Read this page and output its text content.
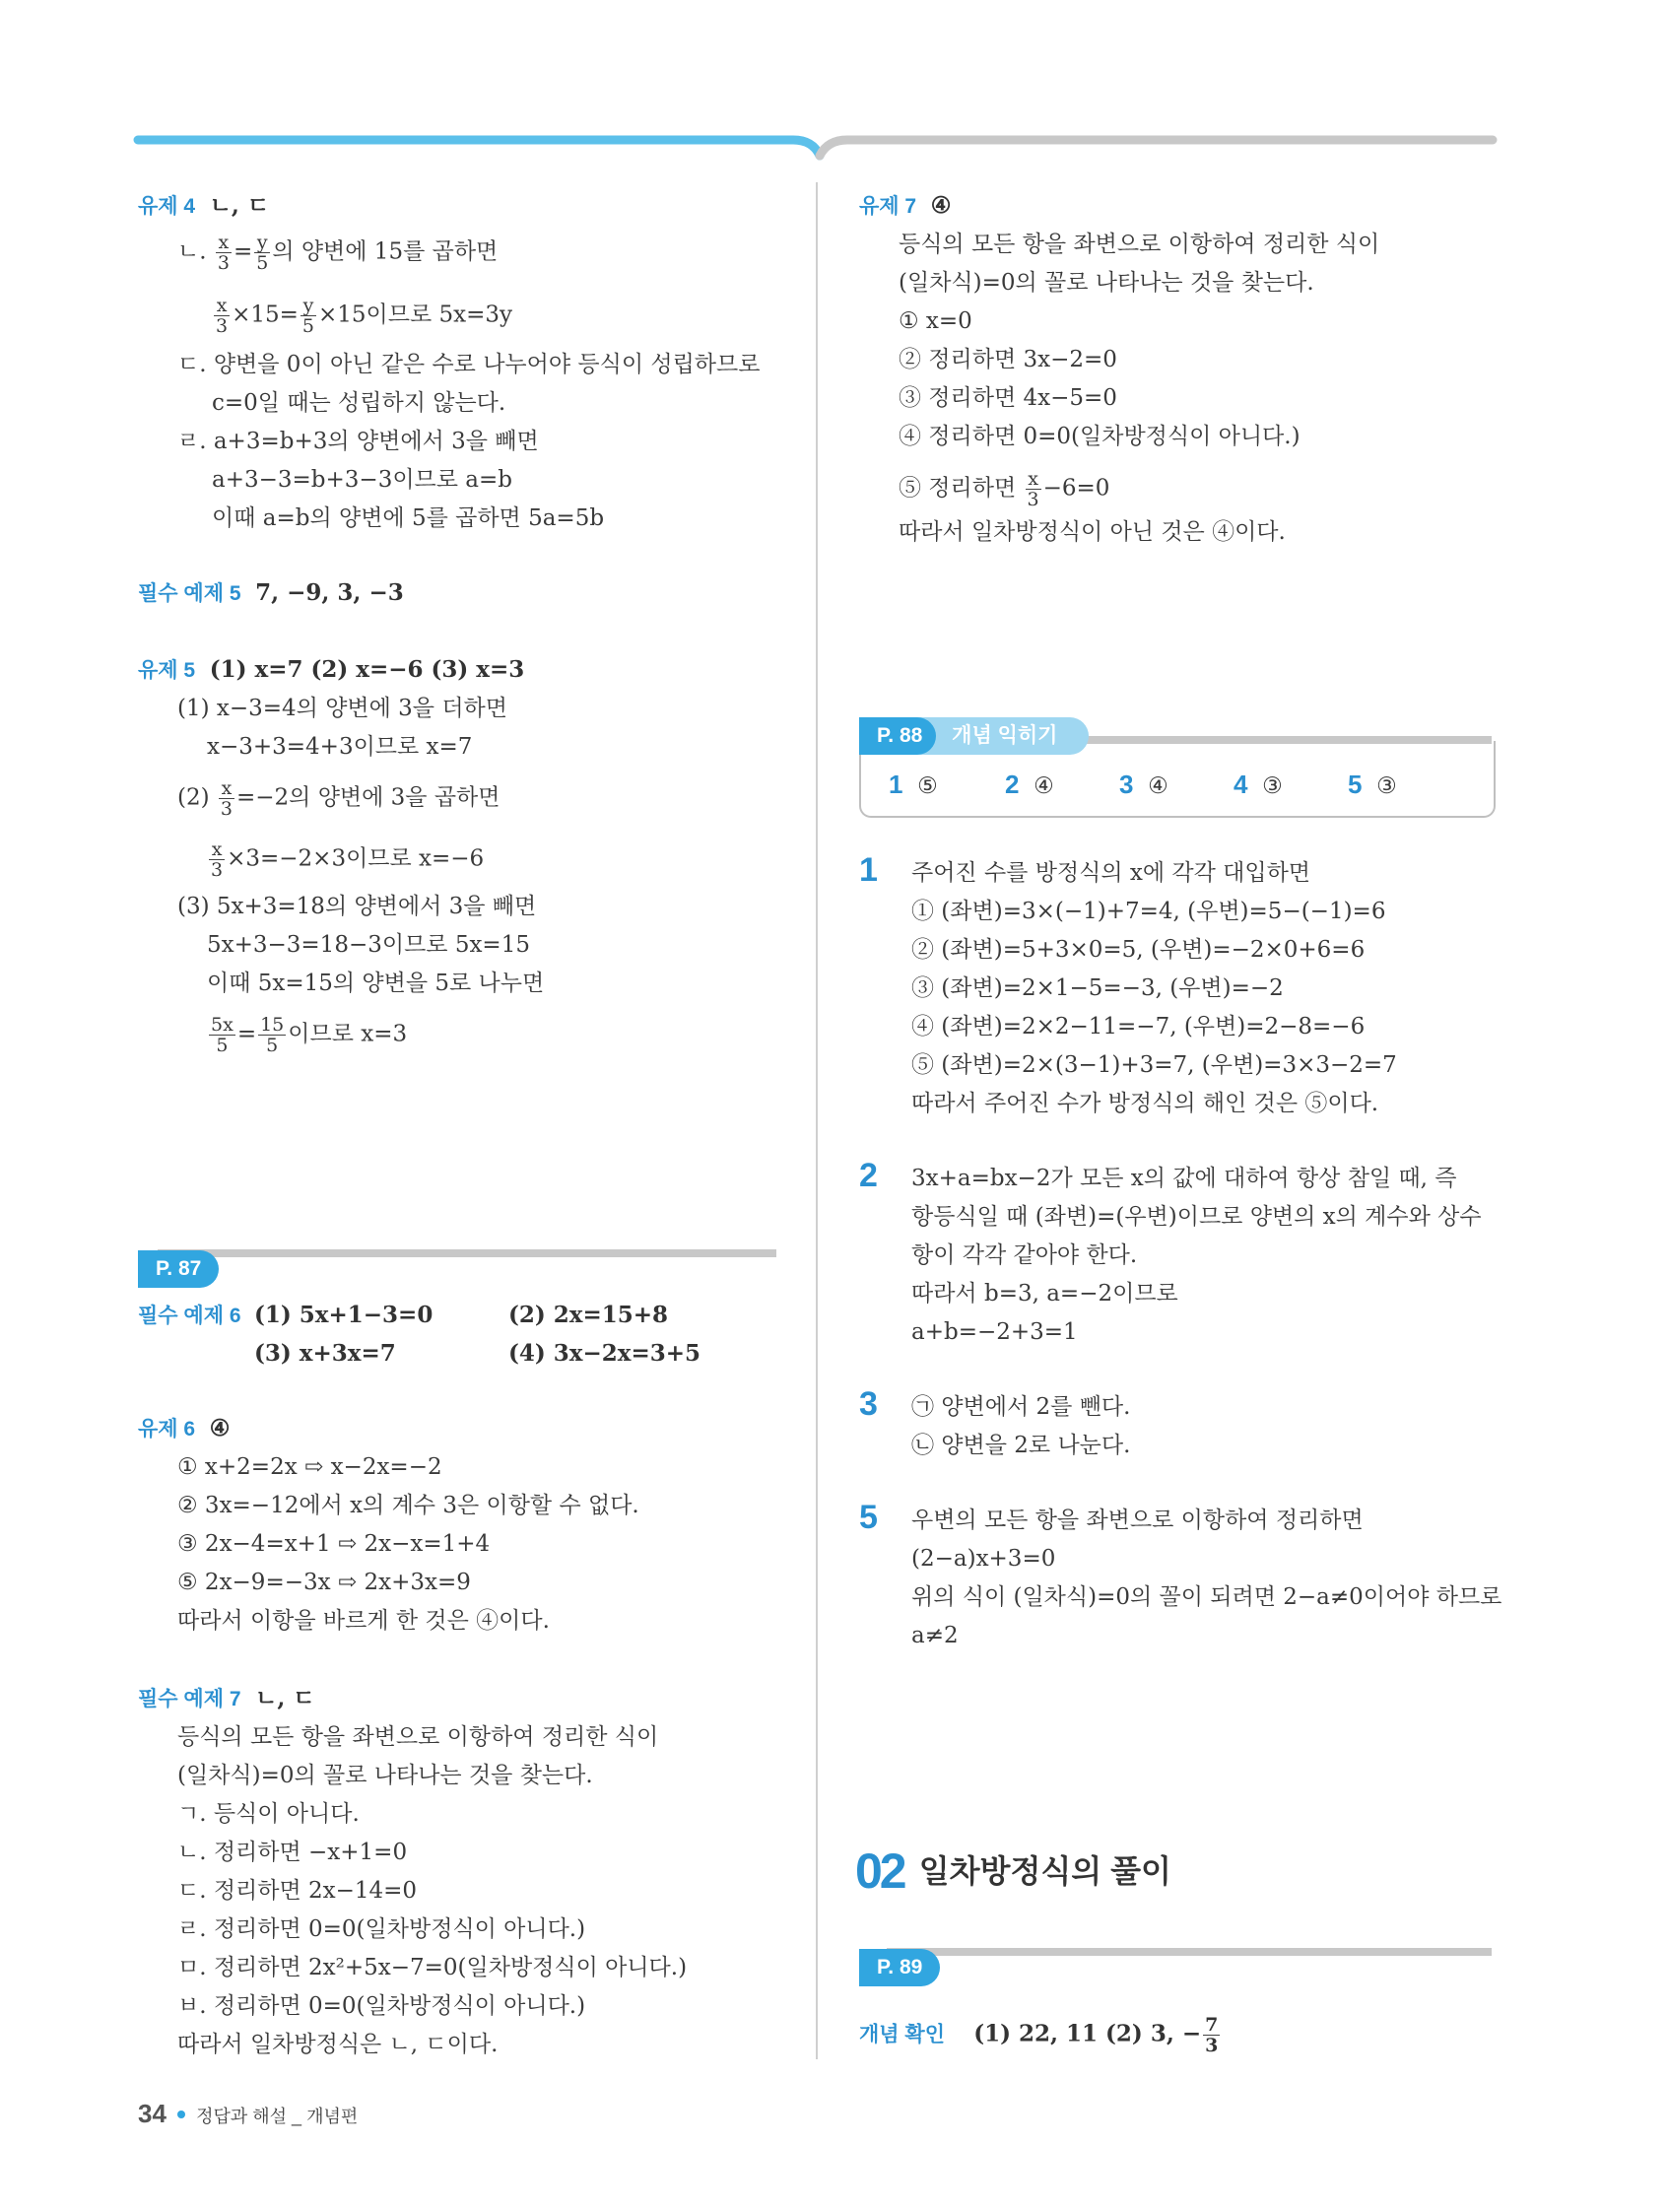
유제 4 ㄴ, ㄷ
ㄴ. $\frac{x}{3} = \frac{y}{5}$ 의 양변에 15를 곱하면
$\frac{x}{3} \times 15= \frac{y}{5} \times 15$이므로 5x=3y
ㄷ. 양변을 0이 아닌 같은 수로 나누어야 등식이 성립하므로
c=0일 때는 성립하지 않는다.
ㄹ. a+3=b+3의 양변에서 3을 빼면
a+3−3=b+3−3이므로 a=b
이때 a=b의 양변에 5를 곱하면 5a=5b
필수 예제 5 7, −9, 3, −3
유제 5 (1) x=7 (2) x=−6 (3) x=3
(1) x−3=4의 양변에 3을 더하면
x−3+3=4+3이므로 x=7
$(2) \frac{x}{3} =-2$의 양변에 3을 곱하면
$\frac{x}{3} \times 3=-2\times 3$이므로 x=−6
(3) 5x+3=18의 양변에서 3을 빼면
5x+3−3=18−3이므로 5x=15
이때 5x=15의 양변을 5로 나누면
$\frac{5x}{5} = \frac{15}{5}$ 이므로 x=3
P. 87
필수 예제 6 (1) 5x+1−3=0	(2) 2x=15+8
(3) x+3x=7	(4) 3x−2x=3+5
유제 6 ④
① x+2=2x ⇨ x−2x=−2
② 3x=−12에서 x의 계수 3은 이항할 수 없다.
③ 2x−4=x+1 ⇨ 2x−x=1+4
⑤ 2x−9=−3x ⇨ 2x+3x=9
따라서 이항을 바르게 한 것은 ④이다.
필수 예제 7 ㄴ, ㄷ
등식의 모든 항을 좌변으로 이항하여 정리한 식이
(일차식)=0의 꼴로 나타나는 것을 찾는다.
ㄱ. 등식이 아니다.
ㄴ. 정리하면 −x+1=0
ㄷ. 정리하면 2x−14=0
ㄹ. 정리하면 0=0(일차방정식이 아니다.)
ㅁ. 정리하면 2x²+5x−7=0(일차방정식이 아니다.)
ㅂ. 정리하면 0=0(일차방정식이 아니다.)
따라서 일차방정식은 ㄴ, ㄷ이다.
유제 7 ④
등식의 모든 항을 좌변으로 이항하여 정리한 식이
(일차식)=0의 꼴로 나타나는 것을 찾는다.
① x=0
② 정리하면 3x−2=0
③ 정리하면 4x−5=0
④ 정리하면 0=0(일차방정식이 아니다.)
⑤ 정리하면 $\frac{x}{3} -6=0$
따라서 일차방정식이 아닌 것은 ④이다.
P. 88 개념 익히기
1 ⑤	2 ④	3 ④	4 ③	5 ③
1 주어진 수를 방정식의 x에 각각 대입하면
① (좌변)=3×(−1)+7=4, (우변)=5−(−1)=6
② (좌변)=5+3×0=5, (우변)=−2×0+6=6
③ (좌변)=2×1−5=−3, (우변)=−2
④ (좌변)=2×2−11=−7, (우변)=2−8=−6
⑤ (좌변)=2×(3−1)+3=7, (우변)=3×3−2=7
따라서 주어진 수가 방정식의 해인 것은 ⑤이다.
2 3x+a=bx−2가 모든 x의 값에 대하여 항상 참일 때, 즉
항등식일 때 (좌변)=(우변)이므로 양변의 x의 계수와 상수
항이 각각 같아야 한다.
따라서 b=3, a=−2이므로
a+b=−2+3=1
3 ㉠ 양변에서 2를 뺀다.
㉡ 양변을 2로 나눈다.
5 우변의 모든 항을 좌변으로 이항하여 정리하면
(2−a)x+3=0
위의 식이 (일차식)=0의 꼴이 되려면 2−a≠0이어야 하므로
a≠2
02 일차방정식의 풀이
P. 89
개념 확인 (1) 22, 11 (2) 3, − $\frac{7}{3}$
34 정답과 해설 _ 개념편
